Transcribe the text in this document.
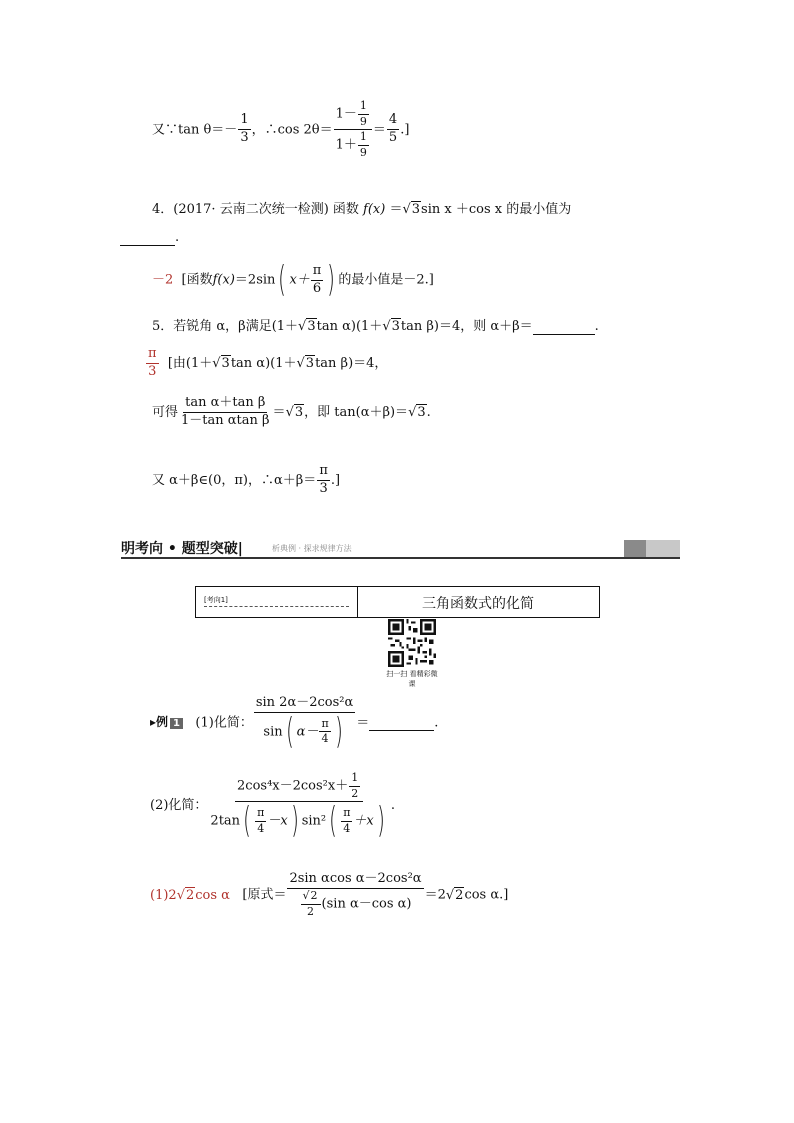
又∵tan $\theta=- \frac{1}{3}$ ，∴cos $2\theta= \frac{1- \frac{1}{9}}{1+ \frac{1}{9}} = \frac{4}{5}$ .]
4．(2017· 云南二次统一检测) 函数 f(x) ＝√3sin x ＋cos x 的最小值为
.
－2 [函数f(x)＝2sin( $x+ \frac{\pi}{6}$ ) 的最小值是－2.]
5．若锐角 α，β满足(1＋√3tan α)(1＋√3tan β)＝4，则 α＋β＝	.
$\frac{\pi}{3}$ [由(1＋√3tan α)(1＋√3tan β)＝4，
可得 $\frac{\text{tan α＋tan β}}{\text{1－tan αtan β}} =√3$，即 tan(α＋β)＝√3.
又 α＋β∈(0，π)，∴α＋β＝ $\frac{\pi}{3}$ .]
明考向 • 题型突破|	析典例 · 探求规律方法
[考向1]	三角函数式的化简
扫一扫 看精彩微课
▸例 1 (1)化简： $\frac{\text{sin 2α－2cos²α}}{\sin( \alpha- \frac{\pi}{4} )}$ ＝	.
(2)化简： $\frac{2\cos^4x-2\cos^2x+ \frac{1}{2}}{2\tan( \frac{\pi}{4} -x) \sin^2( \frac{\pi}{4} +x)}$ .
(1)2√2cos α [原式＝ $\frac{\text{2sin αcos α－2cos²α}}{\frac{√2}{2} (\sin \alpha-\cos \alpha)} =2√2\cos$ α.]
